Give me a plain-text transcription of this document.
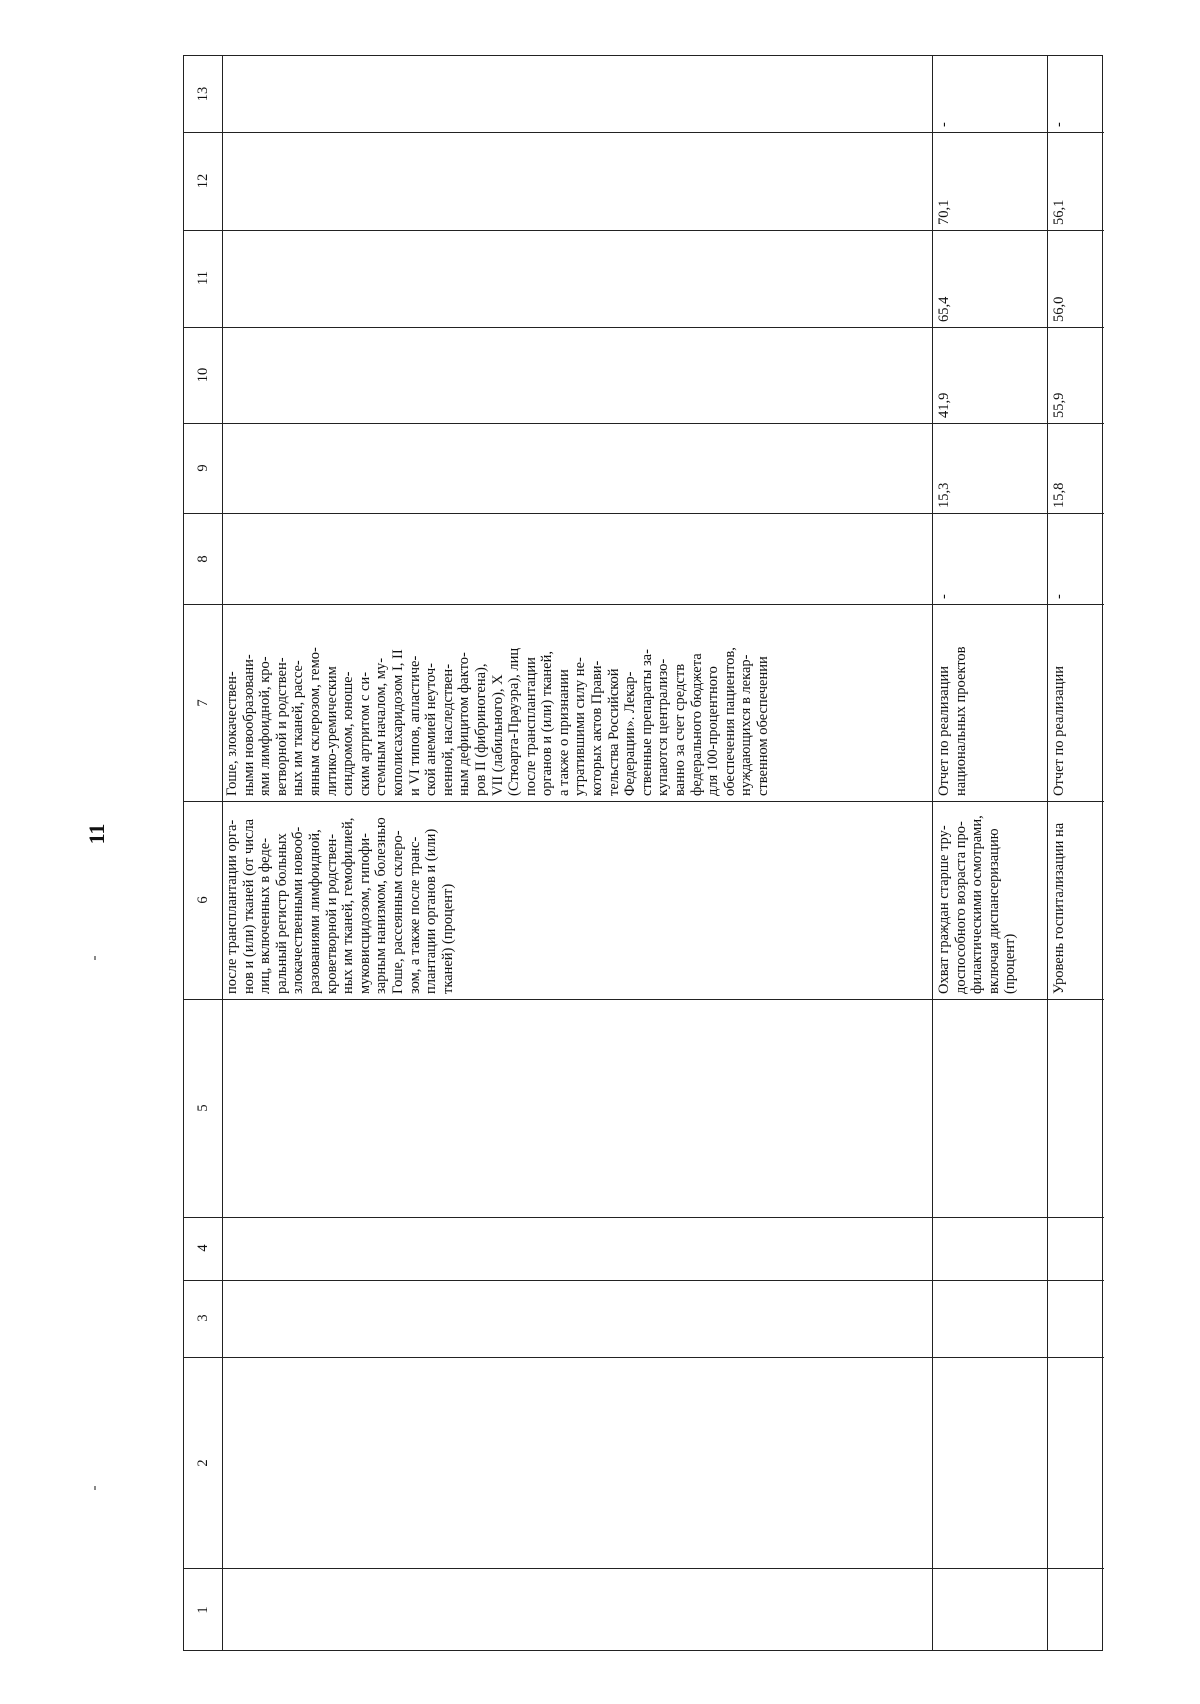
11
13
12
11
10
9
8
7
6
5
4
3
2
1
после трансплантации орга- нов и (или) тканей (от числа лиц, включенных в феде- ральный регистр больных злокачественными новооб- разованиями лимфоидной, кроветворной и родствен- ных им тканей, гемофилией, муковисцидозом, гипофи- зарным нанизмом, болезнью Гоше, рассеянным склеро- зом, а также после транс- плантации органов и (или) тканей) (процент)
Гоше, злокачествен- ными новообразовани- ями лимфоидной, кро- ветворной и родствен- ных им тканей, рассе- янным склерозом, гемо- литико-уремическим синдромом, юноше- ским артритом с си- стемным началом, му- кополисахаридозом I, II и VI типов, апластиче- ской анемией неуточ- ненной, наследствен- ным дефицитом факто- ров II (фибриногена), VII (лабильного), X (Стюарта-Прауэра), лиц после трансплантации органов и (или) тканей, а также о признании утратившими силу не- которых актов Прави- тельства Российской Федерации». Лекар- ственные препараты за- купаются централизо- ванно за счет средств федерального бюджета для 100-процентного обеспечения пациентов, нуждающихся в лекар- ственном обеспечении
Охват граждан старше тру- доспособного возраста про- филактическими осмотрами, включая диспансеризацию (процент)
Отчет по реализации национальных проектов
-
15,3
41,9
65,4
70,1
-
Уровень госпитализации на
Отчет по реализации
-
15,8
55,9
56,0
56,1
-
